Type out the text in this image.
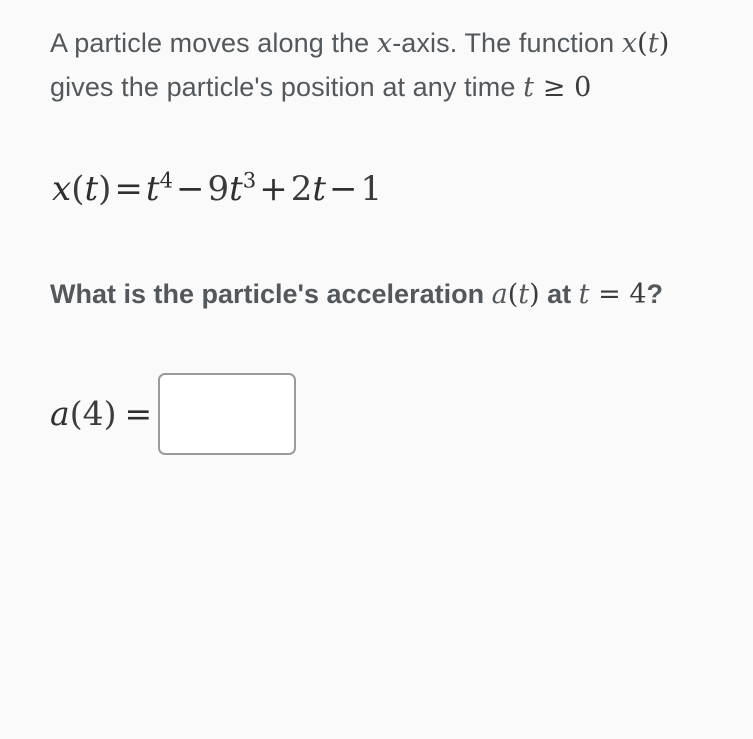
A particle moves along the x-axis. The function x(t) gives the particle's position at any time t ≥ 0
$x(t)=t^4-9t^3+2t-1$
What is the particle's acceleration a(t) at t = 4?
a(4) =
